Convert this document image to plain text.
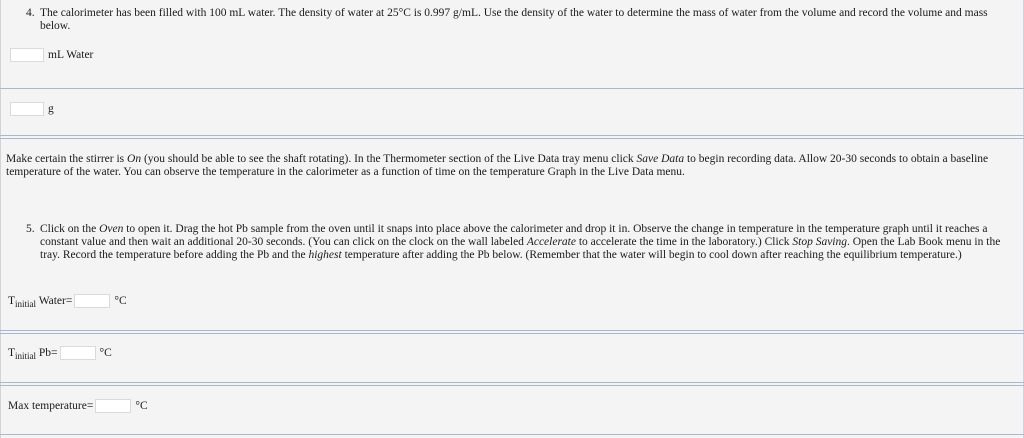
4. The calorimeter has been filled with 100 mL water. The density of water at 25°C is 0.997 g/mL. Use the density of the water to determine the mass of water from the volume and record the volume and mass below.
mL Water
g
Make certain the stirrer is On (you should be able to see the shaft rotating). In the Thermometer section of the Live Data tray menu click Save Data to begin recording data. Allow 20-30 seconds to obtain a baseline temperature of the water. You can observe the temperature in the calorimeter as a function of time on the temperature Graph in the Live Data menu.
5. Click on the Oven to open it. Drag the hot Pb sample from the oven until it snaps into place above the calorimeter and drop it in. Observe the change in temperature in the temperature graph until it reaches a constant value and then wait an additional 20-30 seconds. (You can click on the clock on the wall labeled Accelerate to accelerate the time in the laboratory.) Click Stop Saving. Open the Lab Book menu in the tray. Record the temperature before adding the Pb and the highest temperature after adding the Pb below. (Remember that the water will begin to cool down after reaching the equilibrium temperature.)
$T_{initial}$ Water=	°C
$T_{initial}$ Pb=	°C
Max temperature=	°C
